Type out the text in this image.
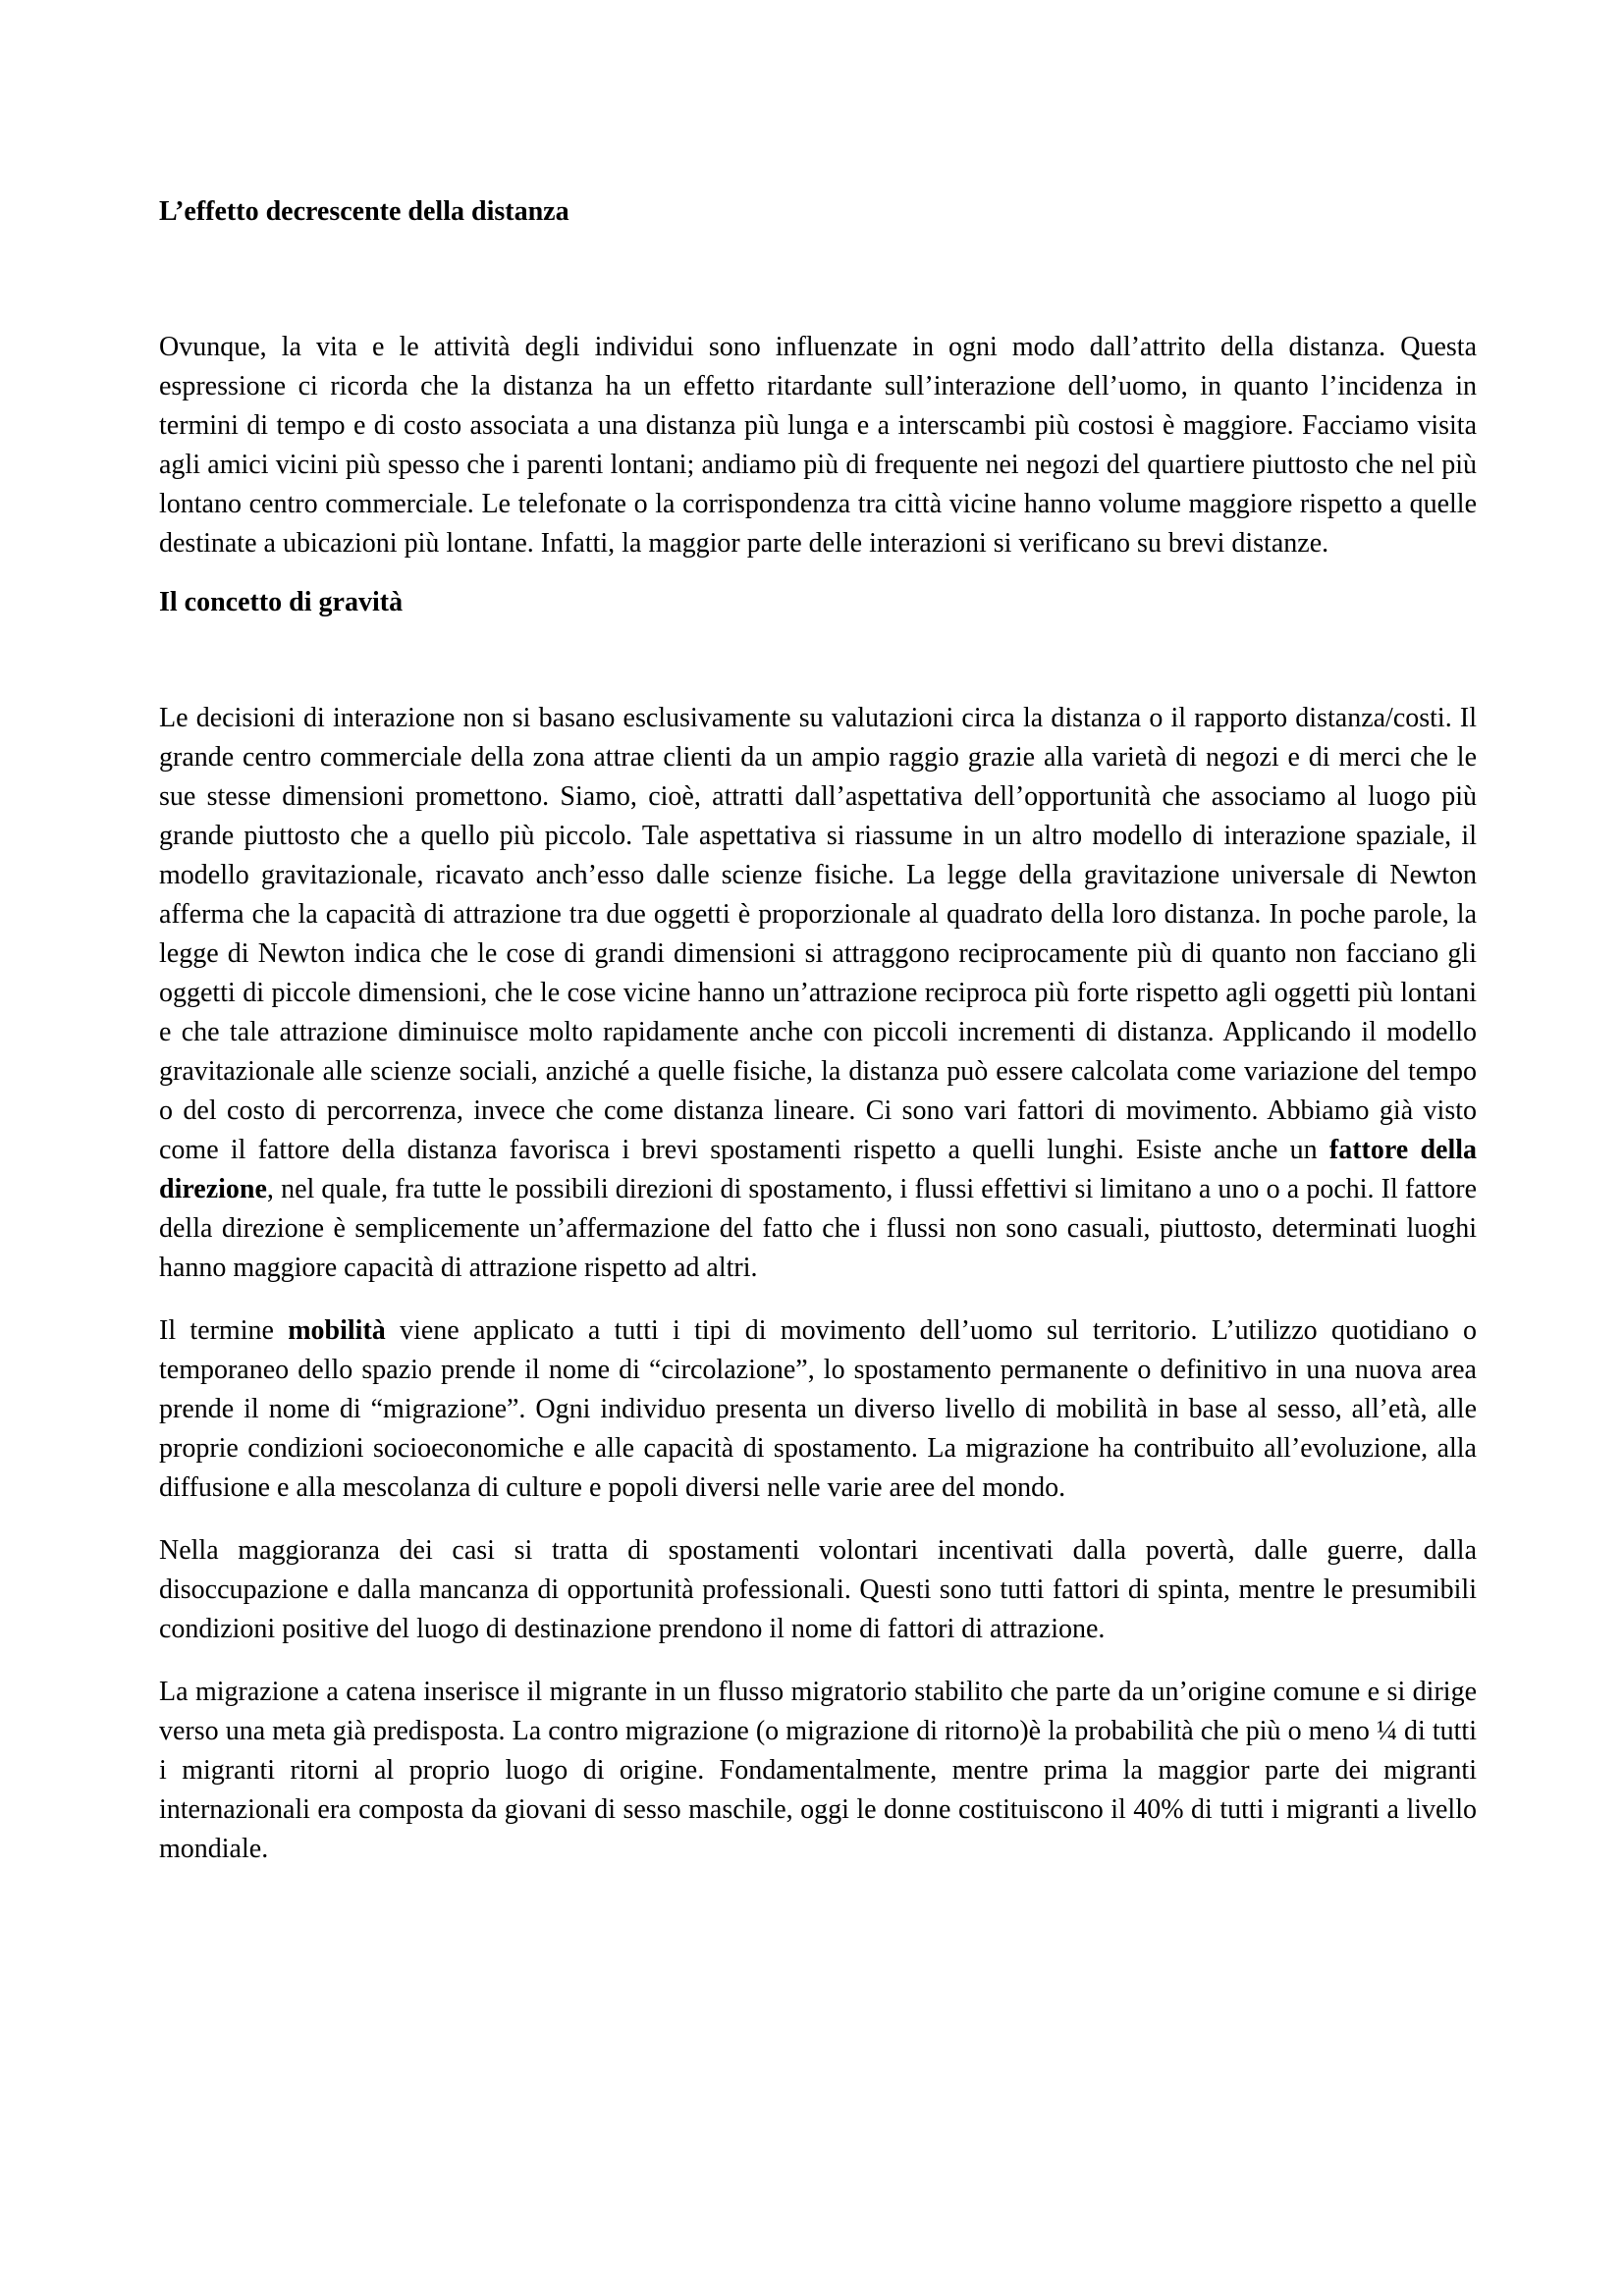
L’effetto decrescente della distanza

Ovunque, la vita e le attività degli individui sono influenzate in ogni modo dall’attrito della distanza. Questa espressione ci ricorda che la distanza ha un effetto ritardante sull’interazione dell’uomo, in quanto l’incidenza in termini di tempo e di costo associata a una distanza più lunga e a interscambi più costosi è maggiore. Facciamo visita agli amici vicini più spesso che i parenti lontani; andiamo più di frequente nei negozi del quartiere piuttosto che nel più lontano centro commerciale. Le telefonate o la corrispondenza tra città vicine hanno volume maggiore rispetto a quelle destinate a ubicazioni più lontane. Infatti, la maggior parte delle interazioni si verificano su brevi distanze.

Il concetto di gravità

Le decisioni di interazione non si basano esclusivamente su valutazioni circa la distanza o il rapporto distanza/costi. Il grande centro commerciale della zona attrae clienti da un ampio raggio grazie alla varietà di negozi e di merci che le sue stesse dimensioni promettono. Siamo, cioè, attratti dall’aspettativa dell’opportunità che associamo al luogo più grande piuttosto che a quello più piccolo. Tale aspettativa si riassume in un altro modello di interazione spaziale, il modello gravitazionale, ricavato anch’esso dalle scienze fisiche. La legge della gravitazione universale di Newton afferma che la capacità di attrazione tra due oggetti è proporzionale al quadrato della loro distanza. In poche parole, la legge di Newton indica che le cose di grandi dimensioni si attraggono reciprocamente più di quanto non facciano gli oggetti di piccole dimensioni, che le cose vicine hanno un’attrazione reciproca più forte rispetto agli oggetti più lontani e che tale attrazione diminuisce molto rapidamente anche con piccoli incrementi di distanza. Applicando il modello gravitazionale alle scienze sociali, anziché a quelle fisiche, la distanza può essere calcolata come variazione del tempo o del costo di percorrenza, invece che come distanza lineare. Ci sono vari fattori di movimento. Abbiamo già visto come il fattore della distanza favorisca i brevi spostamenti rispetto a quelli lunghi. Esiste anche un fattore della direzione, nel quale, fra tutte le possibili direzioni di spostamento, i flussi effettivi si limitano a uno o a pochi. Il fattore della direzione è semplicemente un’affermazione del fatto che i flussi non sono casuali, piuttosto, determinati luoghi hanno maggiore capacità di attrazione rispetto ad altri.

Il termine mobilità viene applicato a tutti i tipi di movimento dell’uomo sul territorio. L’utilizzo quotidiano o temporaneo dello spazio prende il nome di “circolazione”, lo spostamento permanente o definitivo in una nuova area prende il nome di “migrazione”. Ogni individuo presenta un diverso livello di mobilità in base al sesso, all’età, alle proprie condizioni socioeconomiche e alle capacità di spostamento. La migrazione ha contribuito all’evoluzione, alla diffusione e alla mescolanza di culture e popoli diversi nelle varie aree del mondo.

Nella maggioranza dei casi si tratta di spostamenti volontari incentivati dalla povertà, dalle guerre, dalla disoccupazione e dalla mancanza di opportunità professionali. Questi sono tutti fattori di spinta, mentre le presumibili condizioni positive del luogo di destinazione prendono il nome di fattori di attrazione.

La migrazione a catena inserisce il migrante in un flusso migratorio stabilito che parte da un’origine comune e si dirige verso una meta già predisposta. La contro migrazione (o migrazione di ritorno)è la probabilità che più o meno ¼ di tutti i migranti ritorni al proprio luogo di origine. Fondamentalmente, mentre prima la maggior parte dei migranti internazionali era composta da giovani di sesso maschile, oggi le donne costituiscono il 40% di tutti i migranti a livello mondiale.
